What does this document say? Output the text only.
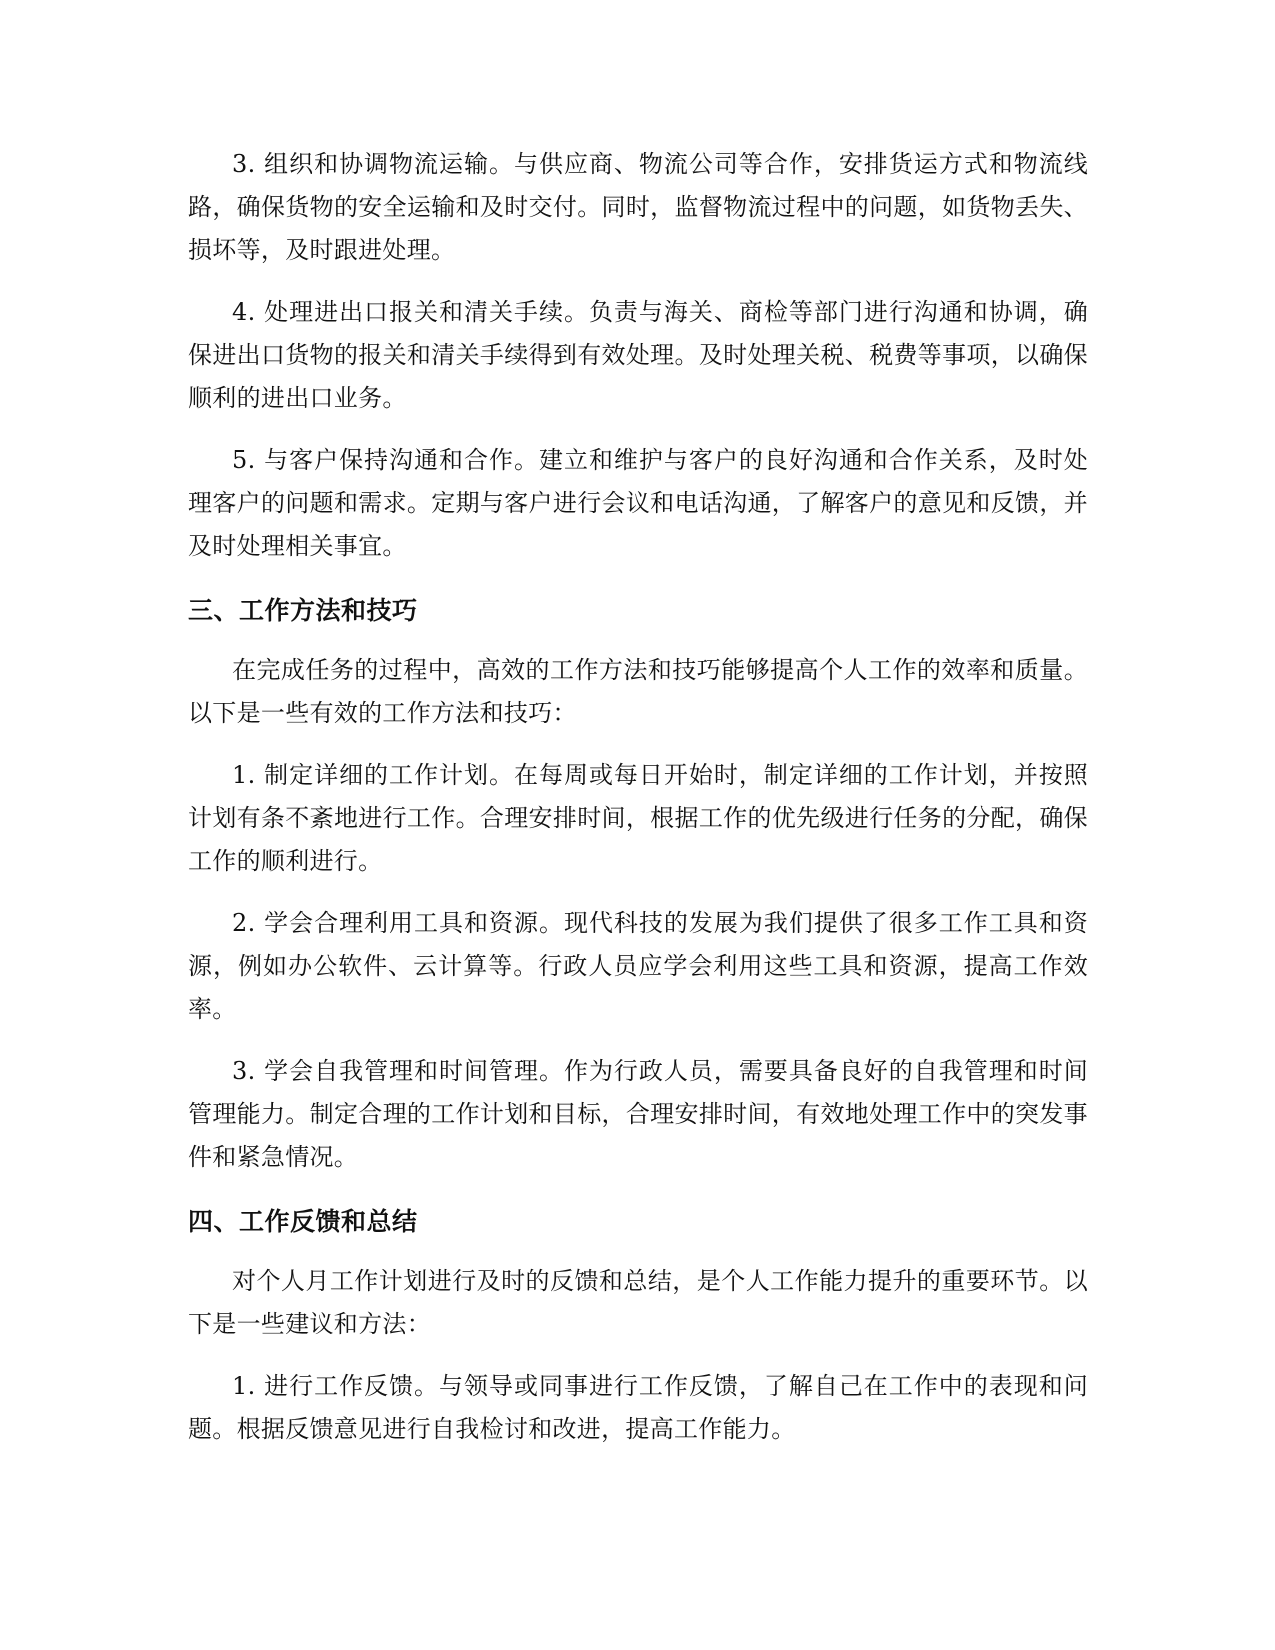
3. 组织和协调物流运输。与供应商、物流公司等合作，安排货运方式和物流线路，确保货物的安全运输和及时交付。同时，监督物流过程中的问题，如货物丢失、损坏等，及时跟进处理。

4. 处理进出口报关和清关手续。负责与海关、商检等部门进行沟通和协调，确保进出口货物的报关和清关手续得到有效处理。及时处理关税、税费等事项，以确保顺利的进出口业务。

5. 与客户保持沟通和合作。建立和维护与客户的良好沟通和合作关系，及时处理客户的问题和需求。定期与客户进行会议和电话沟通，了解客户的意见和反馈，并及时处理相关事宜。

三、工作方法和技巧

在完成任务的过程中，高效的工作方法和技巧能够提高个人工作的效率和质量。以下是一些有效的工作方法和技巧：

1. 制定详细的工作计划。在每周或每日开始时，制定详细的工作计划，并按照计划有条不紊地进行工作。合理安排时间，根据工作的优先级进行任务的分配，确保工作的顺利进行。

2. 学会合理利用工具和资源。现代科技的发展为我们提供了很多工作工具和资源，例如办公软件、云计算等。行政人员应学会利用这些工具和资源，提高工作效率。

3. 学会自我管理和时间管理。作为行政人员，需要具备良好的自我管理和时间管理能力。制定合理的工作计划和目标，合理安排时间，有效地处理工作中的突发事件和紧急情况。

四、工作反馈和总结

对个人月工作计划进行及时的反馈和总结，是个人工作能力提升的重要环节。以下是一些建议和方法：

1. 进行工作反馈。与领导或同事进行工作反馈，了解自己在工作中的表现和问题。根据反馈意见进行自我检讨和改进，提高工作能力。
